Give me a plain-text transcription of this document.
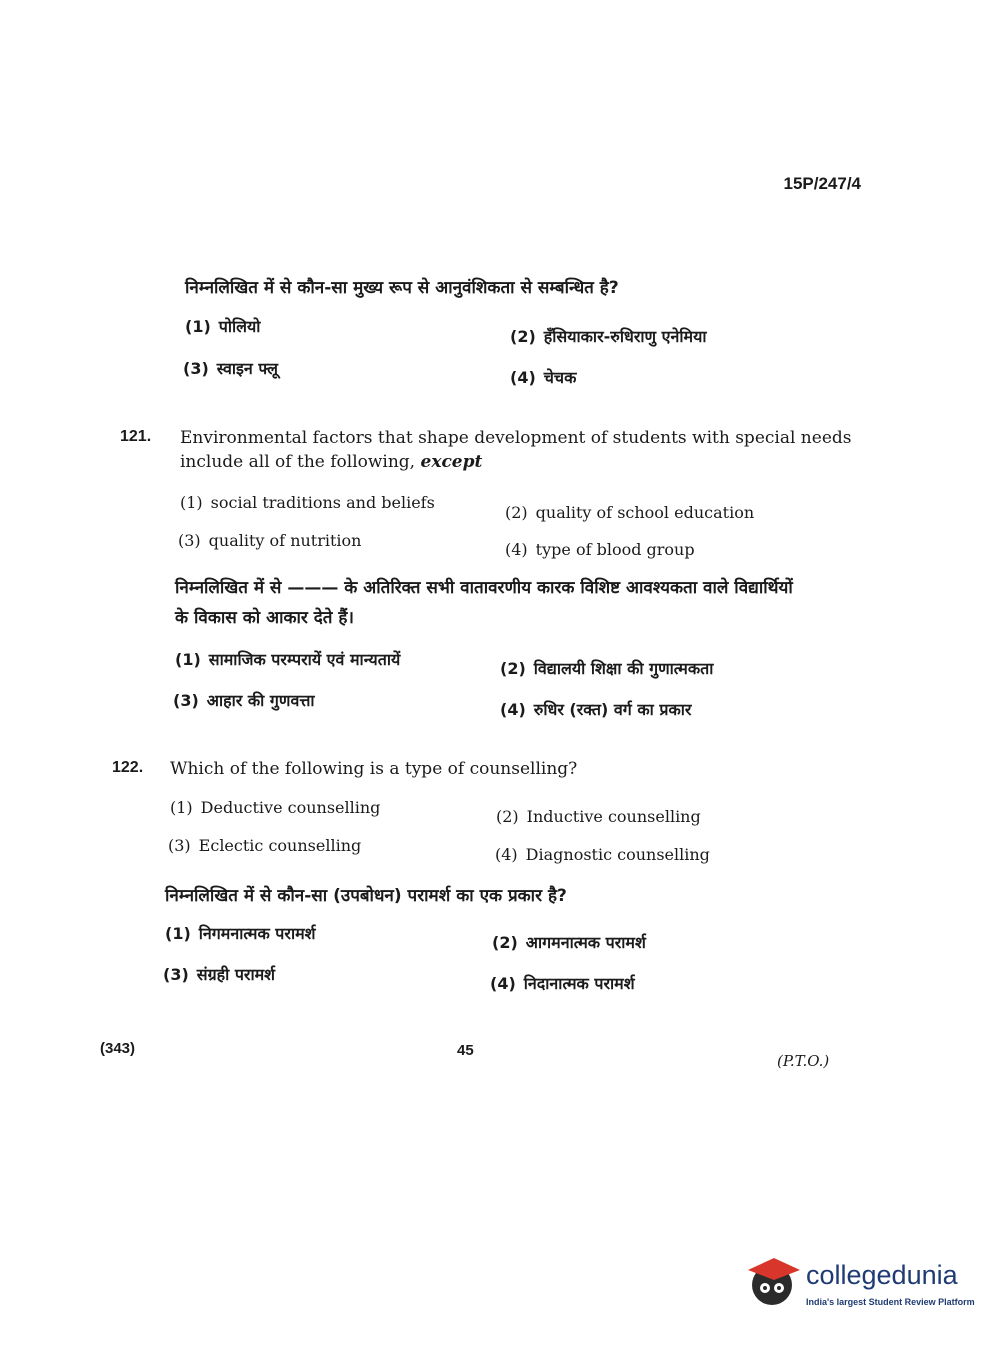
15P/247/4
निम्नलिखित में से कौन-सा मुख्य रूप से आनुवंशिकता से सम्बन्धित है?
(1) पोलियो
(2) हँसियाकार-रुधिराणु एनेमिया
(3) स्वाइन फ्लू	(4) चेचक
121. Environmental factors that shape development of students with special needs include all of the following, except
(1) social traditions and beliefs
(2) quality of school education
(3) quality of nutrition	(4) type of blood group
निम्नलिखित में से ——— के अतिरिक्त सभी वातावरणीय कारक विशिष्ट आवश्यकता वाले विद्यार्थियों
के विकास को आकार देते हैं।
(1) सामाजिक परम्परायें एवं मान्यतायें	(2) विद्यालयी शिक्षा की गुणात्मकता
(3) आहार की गुणवत्ता	(4) रुधिर (रक्त) वर्ग का प्रकार
122. Which of the following is a type of counselling?
(1) Deductive counselling	(2) Inductive counselling
(3) Eclectic counselling	(4) Diagnostic counselling
निम्नलिखित में से कौन-सा (उपबोधन) परामर्श का एक प्रकार है?
(1) निगमनात्मक परामर्श	(2) आगमनात्मक परामर्श
(3) संग्रही परामर्श	(4) निदानात्मक परामर्श
(343)	45
(P.T.O.)
collegedunia
India's largest Student Review Platform
